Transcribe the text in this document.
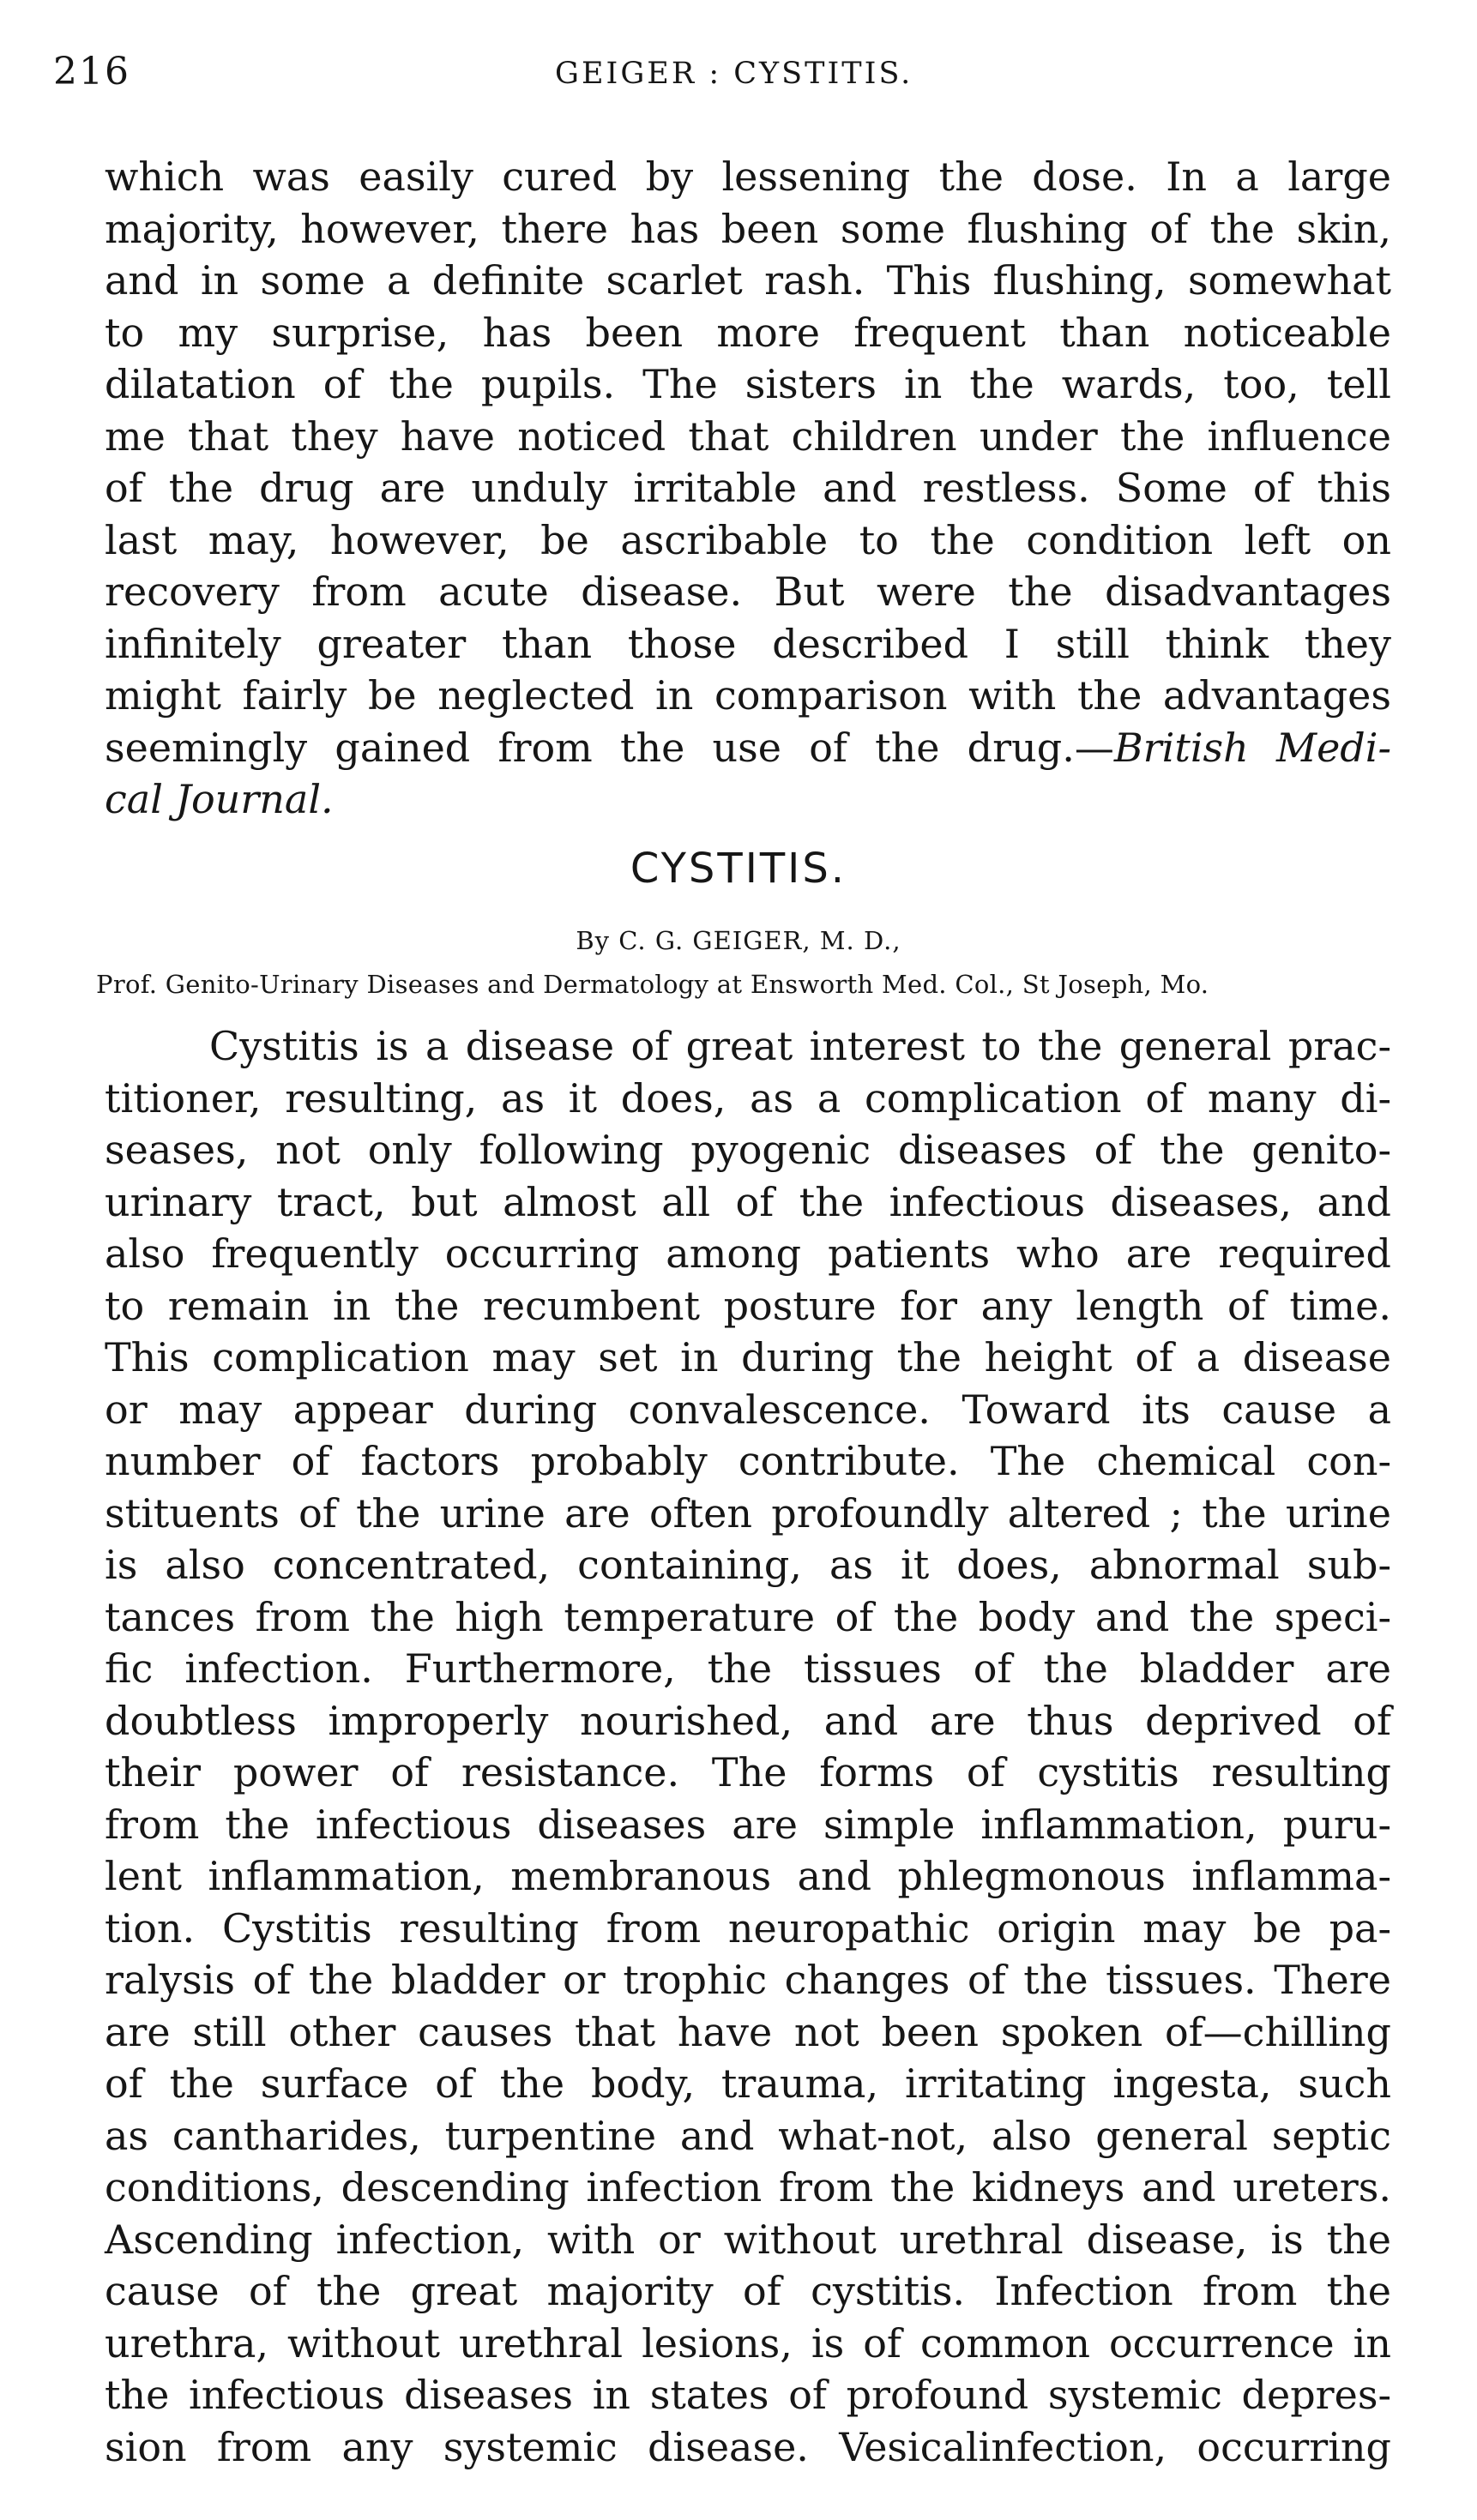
216	GEIGER : CYSTITIS.

which was easily cured by lessening the dose. In a large
majority, however, there has been some flushing of the skin,
and in some a definite scarlet rash. This flushing, somewhat
to my surprise, has been more frequent than noticeable
dilatation of the pupils. The sisters in the wards, too, tell
me that they have noticed that children under the influence
of the drug are unduly irritable and restless. Some of this
last may, however, be ascribable to the condition left on
recovery from acute disease. But were the disadvantages
infinitely greater than those described I still think they
might fairly be neglected in comparison with the advantages
seemingly gained from the use of the drug.—British Medi-
cal Journal.

CYSTITIS.
By C. G. GEIGER, M. D.,
Prof. Genito-Urinary Diseases and Dermatology at Ensworth Med. Col., St Joseph, Mo.

Cystitis is a disease of great interest to the general prac-
titioner, resulting, as it does, as a complication of many di-
seases, not only following pyogenic diseases of the genito-
urinary tract, but almost all of the infectious diseases, and
also frequently occurring among patients who are required
to remain in the recumbent posture for any length of time.
This complication may set in during the height of a disease
or may appear during convalescence. Toward its cause a
number of factors probably contribute. The chemical con-
stituents of the urine are often profoundly altered ; the urine
is also concentrated, containing, as it does, abnormal sub-
tances from the high temperature of the body and the speci-
fic infection. Furthermore, the tissues of the bladder are
doubtless improperly nourished, and are thus deprived of
their power of resistance. The forms of cystitis resulting
from the infectious diseases are simple inflammation, puru-
lent inflammation, membranous and phlegmonous inflamma-
tion. Cystitis resulting from neuropathic origin may be pa-
ralysis of the bladder or trophic changes of the tissues. There
are still other causes that have not been spoken of—chilling
of the surface of the body, trauma, irritating ingesta, such
as cantharides, turpentine and what-not, also general septic
conditions, descending infection from the kidneys and ureters.
Ascending infection, with or without urethral disease, is the
cause of the great majority of cystitis. Infection from the
urethra, without urethral lesions, is of common occurrence in
the infectious diseases in states of profound systemic depres-
sion from any systemic disease. Vesicalinfection, occurring
